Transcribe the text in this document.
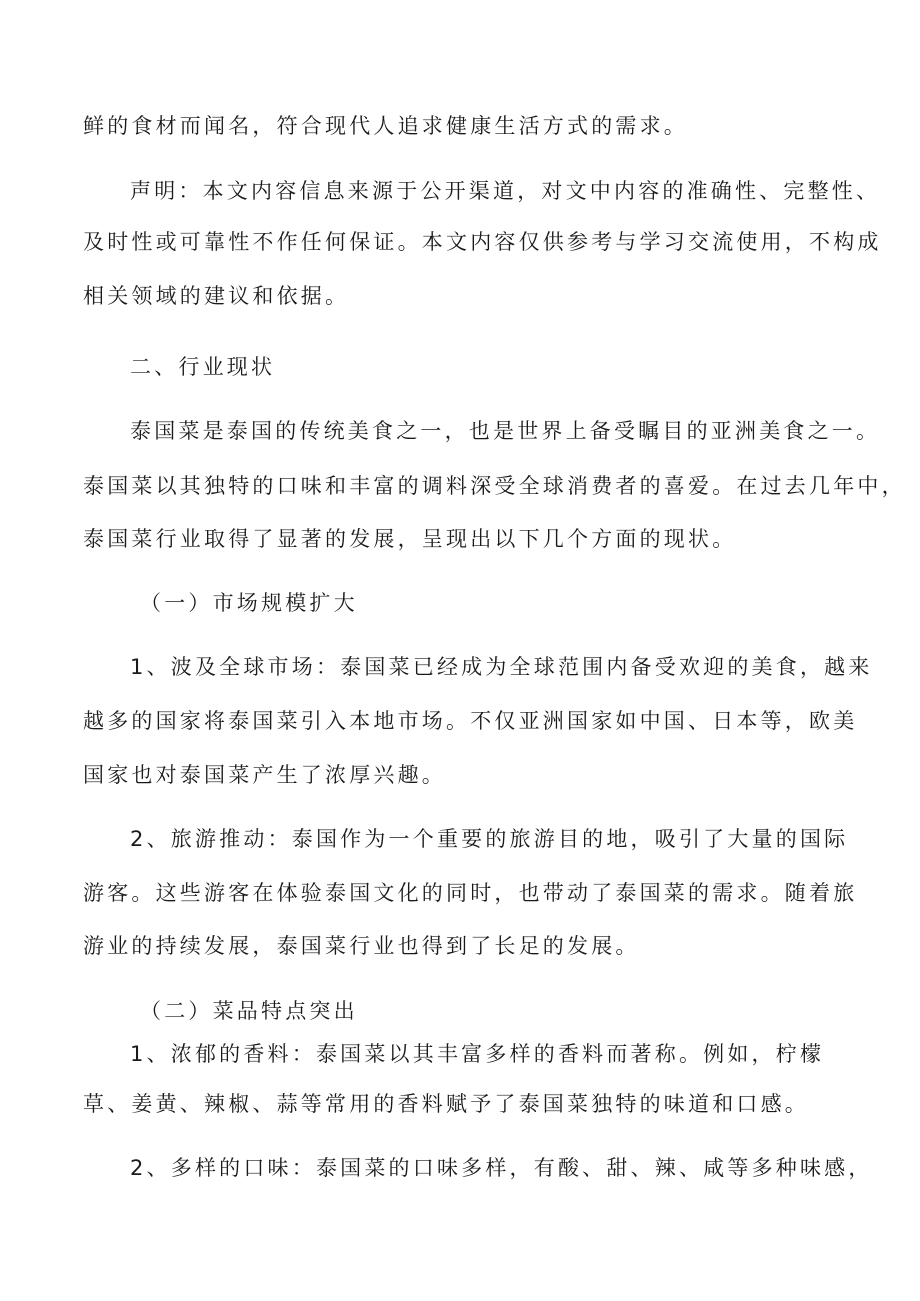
鲜的食材而闻名，符合现代人追求健康生活方式的需求。
声明：本文内容信息来源于公开渠道，对文中内容的准确性、完整性、
及时性或可靠性不作任何保证。本文内容仅供参考与学习交流使用，不构成
相关领域的建议和依据。
二、行业现状
泰国菜是泰国的传统美食之一，也是世界上备受瞩目的亚洲美食之一。
泰国菜以其独特的口味和丰富的调料深受全球消费者的喜爱。在过去几年中，
泰国菜行业取得了显著的发展，呈现出以下几个方面的现状。
（一）市场规模扩大
1、波及全球市场：泰国菜已经成为全球范围内备受欢迎的美食，越来
越多的国家将泰国菜引入本地市场。不仅亚洲国家如中国、日本等，欧美
国家也对泰国菜产生了浓厚兴趣。
2、旅游推动：泰国作为一个重要的旅游目的地，吸引了大量的国际
游客。这些游客在体验泰国文化的同时，也带动了泰国菜的需求。随着旅
游业的持续发展，泰国菜行业也得到了长足的发展。
（二）菜品特点突出
1、浓郁的香料：泰国菜以其丰富多样的香料而著称。例如，柠檬
草、姜黄、辣椒、蒜等常用的香料赋予了泰国菜独特的味道和口感。
2、多样的口味：泰国菜的口味多样，有酸、甜、辣、咸等多种味感，
